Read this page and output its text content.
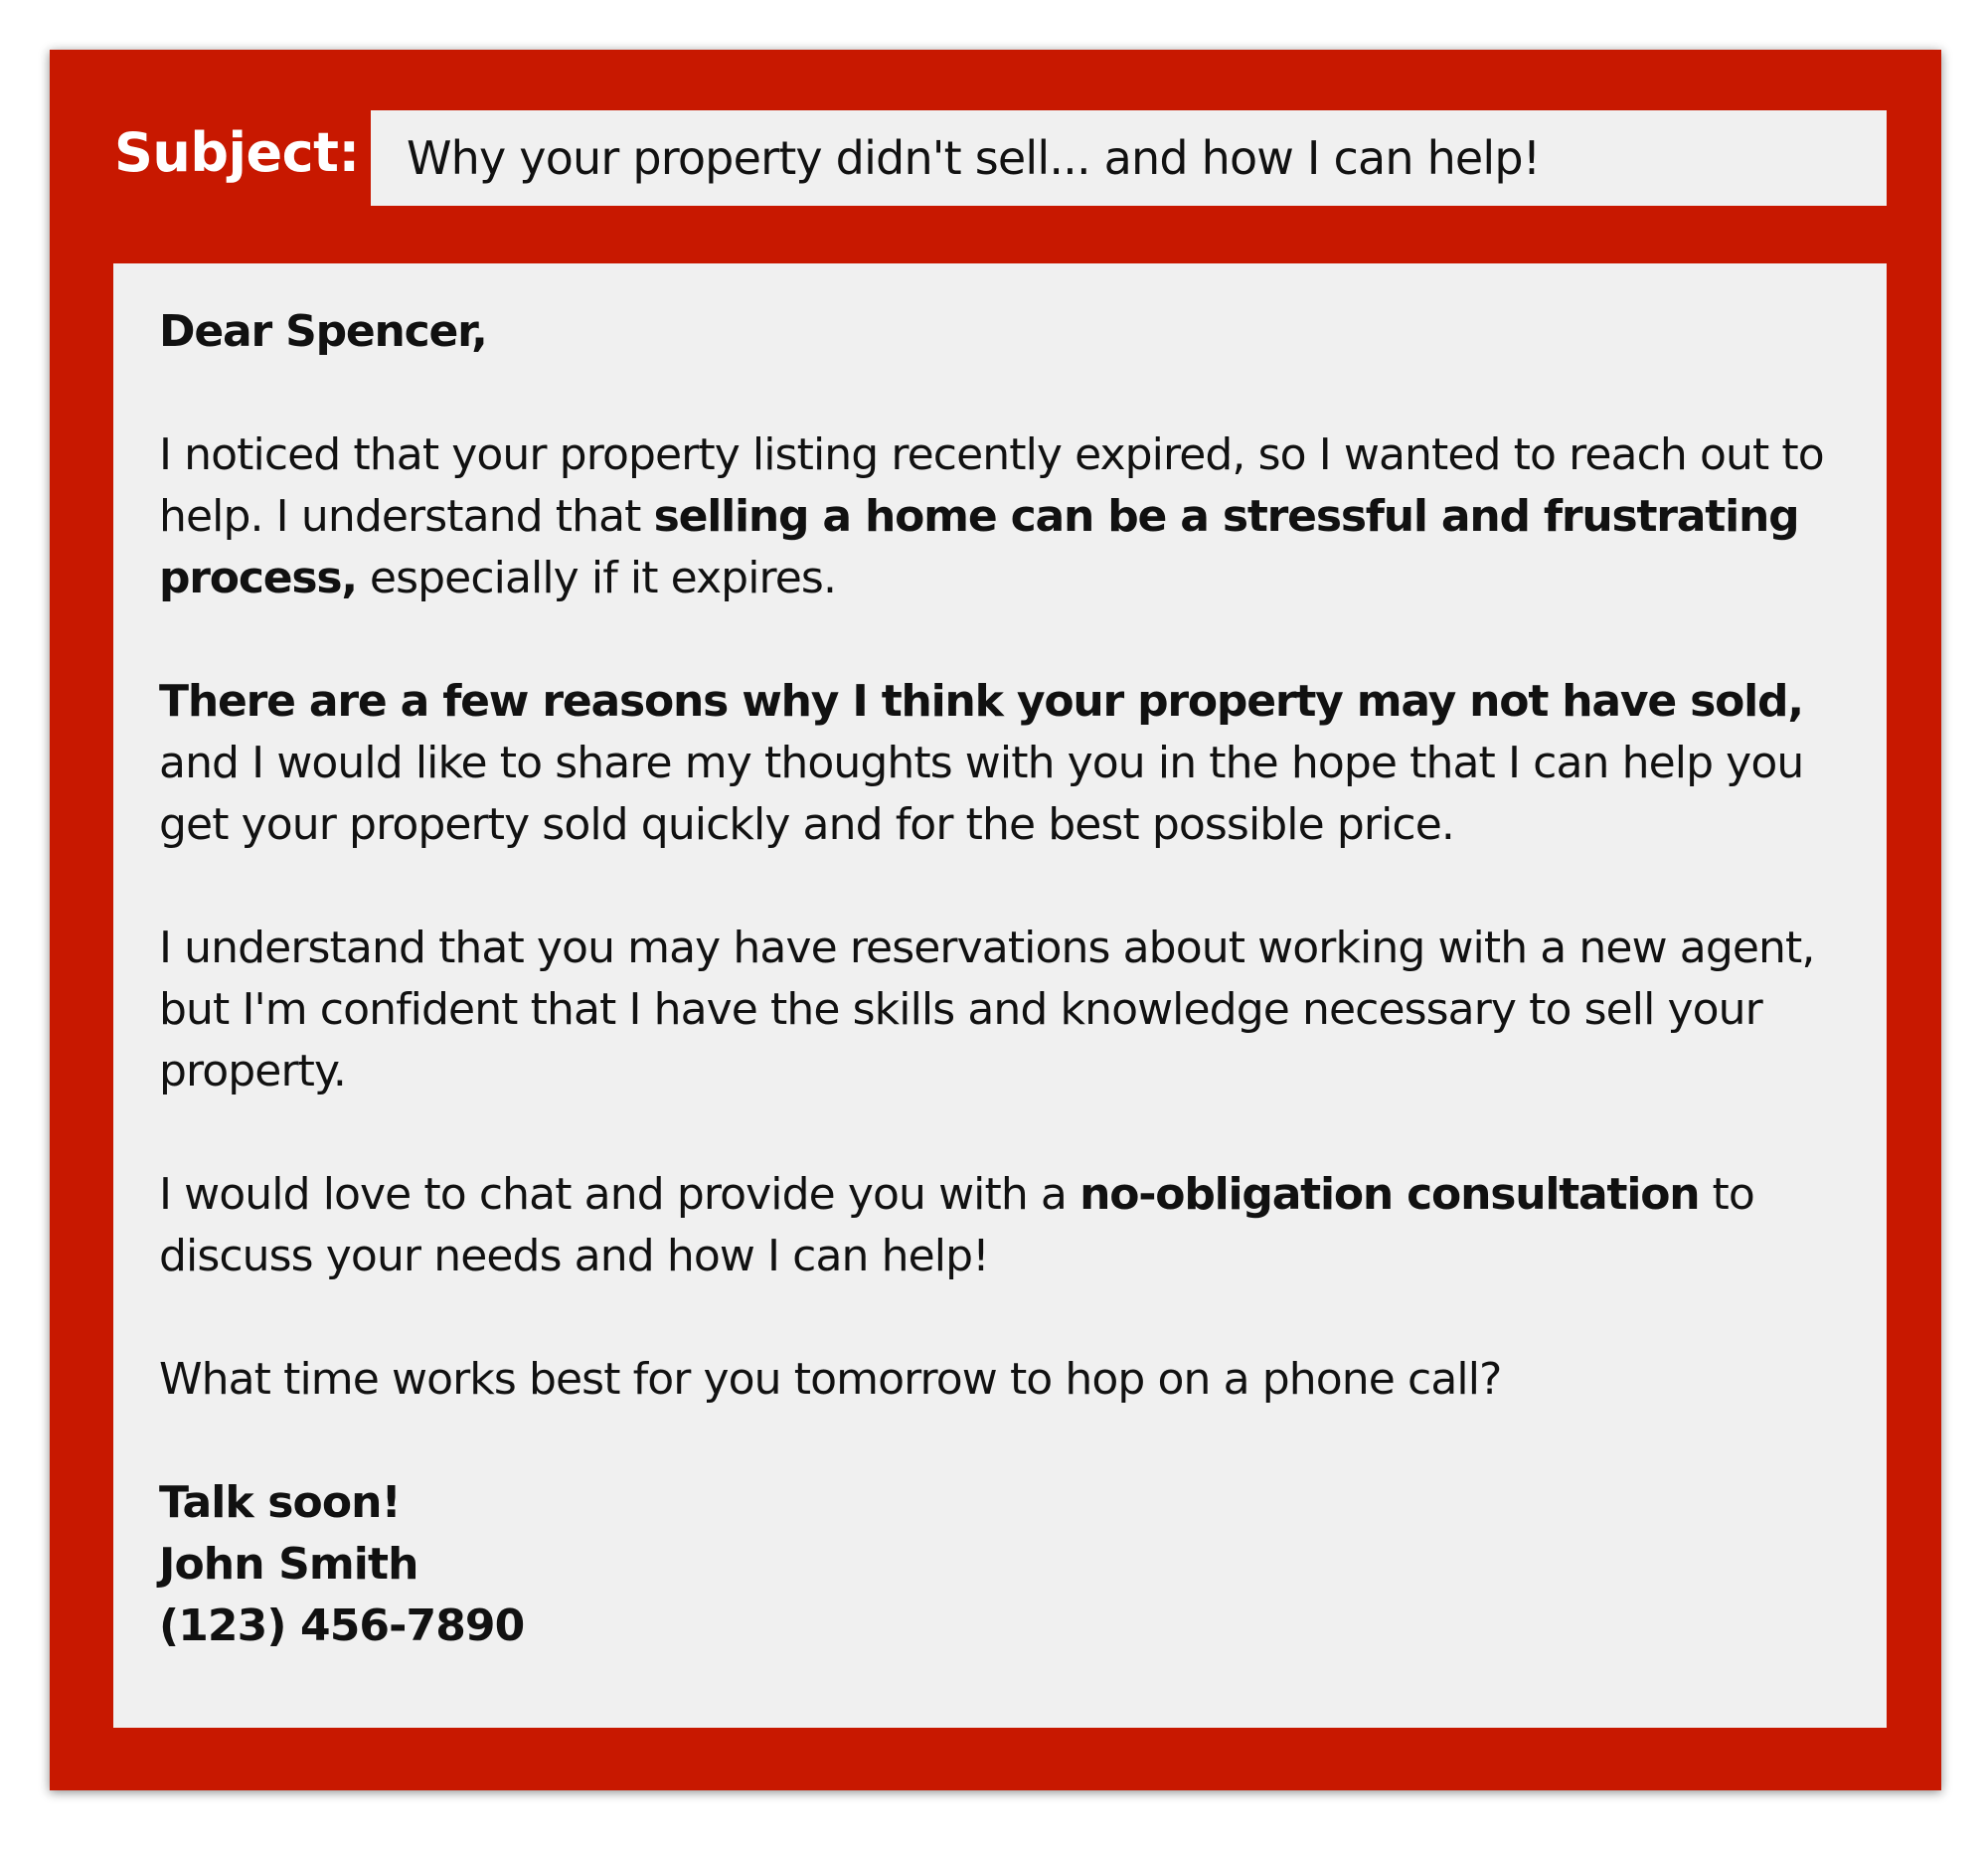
Subject: Why your property didn't sell... and how I can help!

Dear Spencer,

I noticed that your property listing recently expired, so I wanted to reach out to help. I understand that selling a home can be a stressful and frustrating process, especially if it expires.

There are a few reasons why I think your property may not have sold, and I would like to share my thoughts with you in the hope that I can help you get your property sold quickly and for the best possible price.

I understand that you may have reservations about working with a new agent, but I'm confident that I have the skills and knowledge necessary to sell your property.

I would love to chat and provide you with a no-obligation consultation to discuss your needs and how I can help!

What time works best for you tomorrow to hop on a phone call?

Talk soon!

John Smith

(123) 456-7890
